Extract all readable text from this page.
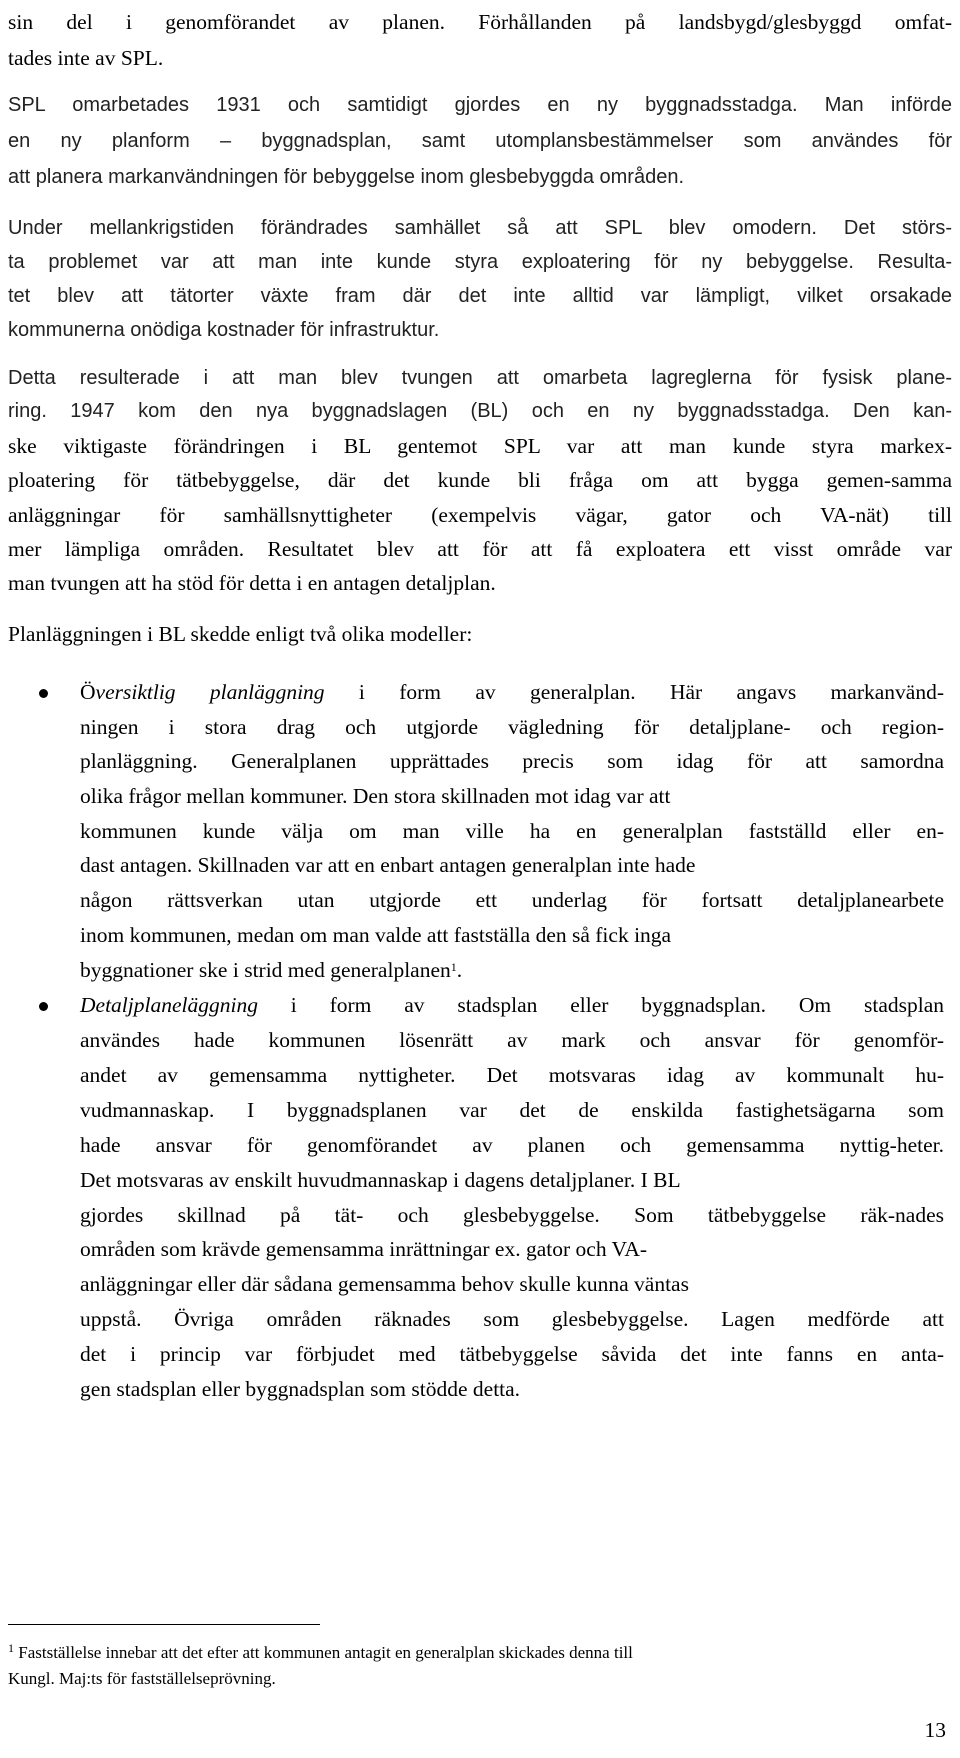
sin del i genomförandet av planen. Förhållanden på landsbygd/glesbyggd omfat-
tades inte av SPL.
SPL omarbetades 1931 och samtidigt gjordes en ny byggnadsstadga. Man införde
en ny planform – byggnadsplan, samt utomplansbestämmelser som användes för
att planera markanvändningen för bebyggelse inom glesbebyggda områden.
Under mellankrigstiden förändrades samhället så att SPL blev omodern. Det störs-
ta problemet var att man inte kunde styra exploatering för ny bebyggelse. Resulta-
tet blev att tätorter växte fram där det inte alltid var lämpligt, vilket orsakade
kommunerna onödiga kostnader för infrastruktur.
Detta resulterade i att man blev tvungen att omarbeta lagreglerna för fysisk plane-
ring. 1947 kom den nya byggnadslagen (BL) och en ny byggnadsstadga. Den kan-
ske viktigaste förändringen i BL gentemot SPL var att man kunde styra markex-
ploatering för tätbebyggelse, där det kunde bli fråga om att bygga gemen-samma
anläggningar för samhällsnyttigheter (exempelvis vägar, gator och VA-nät) till
mer lämpliga områden. Resultatet blev att för att få exploatera ett visst område var
man tvungen att ha stöd för detta i en antagen detaljplan.
Planläggningen i BL skedde enligt två olika modeller:
Översiktlig planläggning i form av generalplan. Här angavs markanvänd-
ningen i stora drag och utgjorde vägledning för detaljplane- och region-
planläggning. Generalplanen upprättades precis som idag för att samordna
olika frågor mellan kommuner. Den stora skillnaden mot idag var att
kommunen kunde välja om man ville ha en generalplan fastställd eller en-
dast antagen. Skillnaden var att en enbart antagen generalplan inte hade
någon rättsverkan utan utgjorde ett underlag för fortsatt detaljplanearbete
inom kommunen, medan om man valde att fastställa den så fick inga
byggnationer ske i strid med generalplanen$^1$.
Detaljplaneläggning i form av stadsplan eller byggnadsplan. Om stadsplan
användes hade kommunen lösenrätt av mark och ansvar för genomför-
andet av gemensamma nyttigheter. Det motsvaras idag av kommunalt hu-
vudmannaskap. I byggnadsplanen var det de enskilda fastighetsägarna som
hade ansvar för genomförandet av planen och gemensamma nyttig-heter.
Det motsvaras av enskilt huvudmannaskap i dagens detaljplaner. I BL
gjordes skillnad på tät- och glesbebyggelse. Som tätbebyggelse räk-nades
områden som krävde gemensamma inrättningar ex. gator och VA-
anläggningar eller där sådana gemensamma behov skulle kunna väntas
uppstå. Övriga områden räknades som glesbebyggelse. Lagen medförde att
det i princip var förbjudet med tätbebyggelse såvida det inte fanns en antа-
gen stadsplan eller byggnadsplan som stödde detta.
$^1$ Fastställelse innebar att det efter att kommunen antagit en generalplan skickades denna till
Kungl. Maj:ts för fastställelseprövning.
13
